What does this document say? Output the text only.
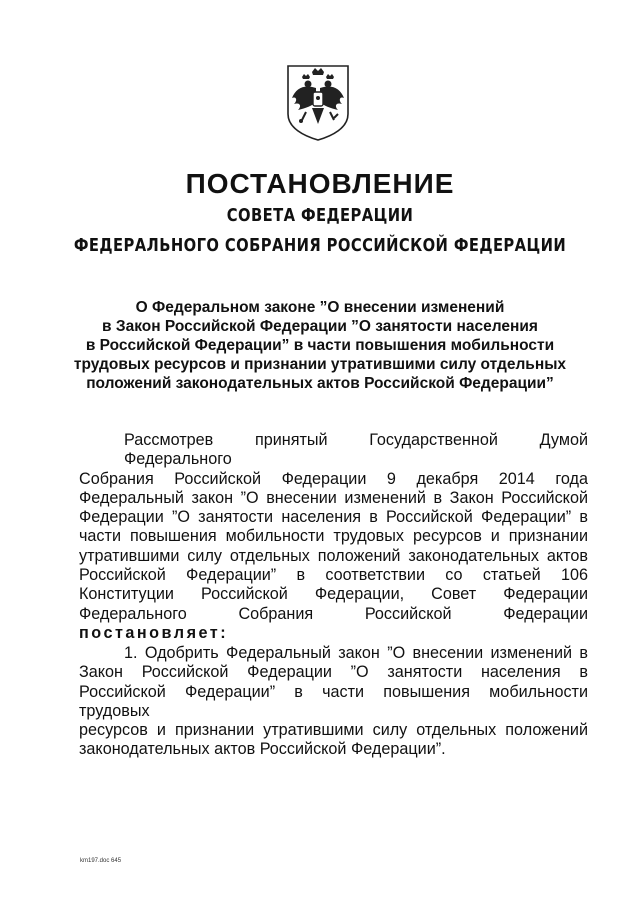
ПОСТАНОВЛЕНИЕ
СОВЕТА ФЕДЕРАЦИИ
ФЕДЕРАЛЬНОГО СОБРАНИЯ РОССИЙСКОЙ ФЕДЕРАЦИИ
О Федеральном законе ”О внесении изменений
в Закон Российской Федерации ”О занятости населения
в Российской Федерации” в части повышения мобильности
трудовых ресурсов и признании утратившими силу отдельных
положений законодательных актов Российской Федерации”
Рассмотрев принятый Государственной Думой Федерального
Собрания Российской Федерации 9 декабря 2014 года
Федеральный закон ”О внесении изменений в Закон Российской
Федерации ”О занятости населения в Российской Федерации” в
части повышения мобильности трудовых ресурсов и признании
утратившими силу отдельных положений законодательных актов
Российской Федерации” в соответствии со статьей 106
Конституции Российской Федерации, Совет Федерации
Федерального Собрания Российской Федерации
постановляет:
1. Одобрить Федеральный закон ”О внесении изменений в
Закон Российской Федерации ”О занятости населения в
Российской Федерации” в части повышения мобильности трудовых
ресурсов и признании утратившими силу отдельных положений
законодательных актов Российской Федерации”.
km197.doc 645
